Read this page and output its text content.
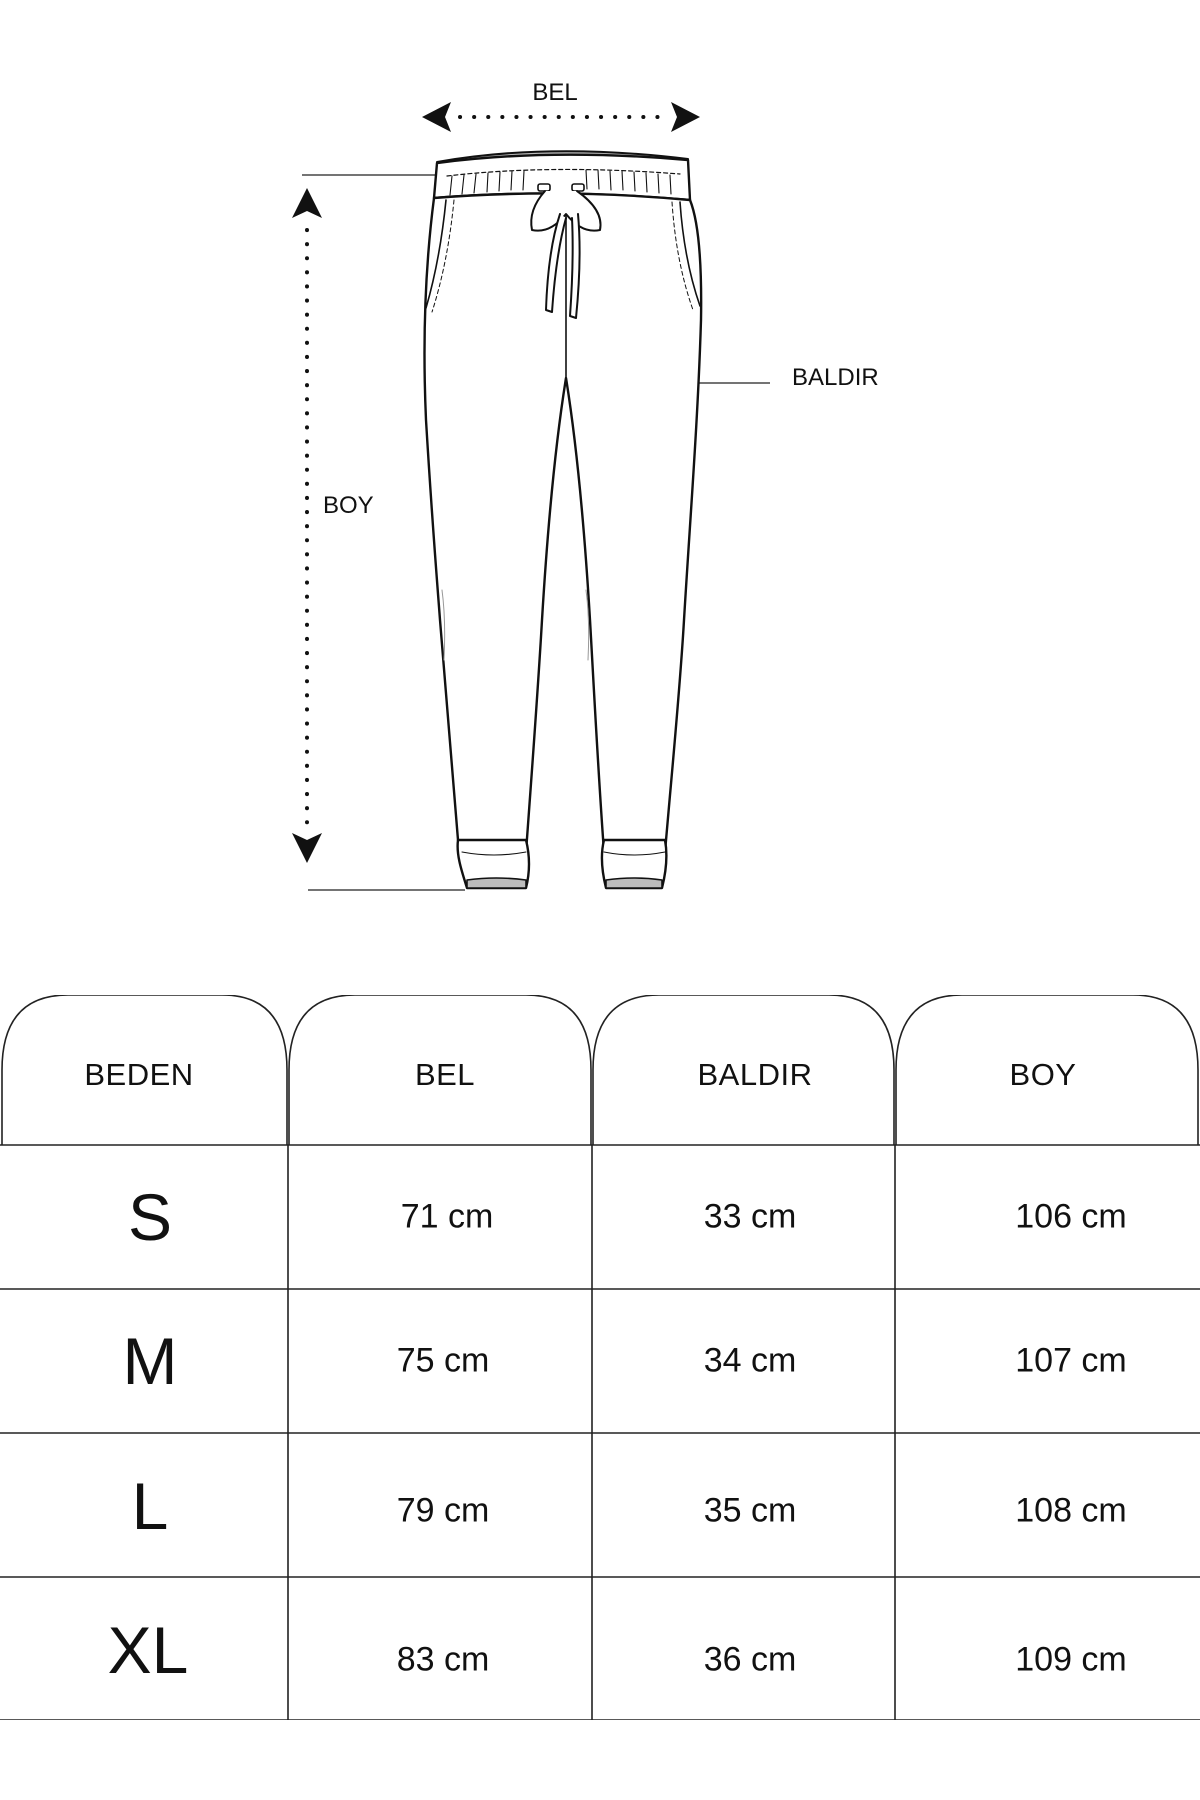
BEL
BOY
BALDIR
BEDEN	BEL	BALDIR	BOY
S	71 cm	33 cm	106 cm
M	75 cm	34 cm	107 cm
L	79 cm	35 cm	108 cm
XL	83 cm	36 cm	109 cm
